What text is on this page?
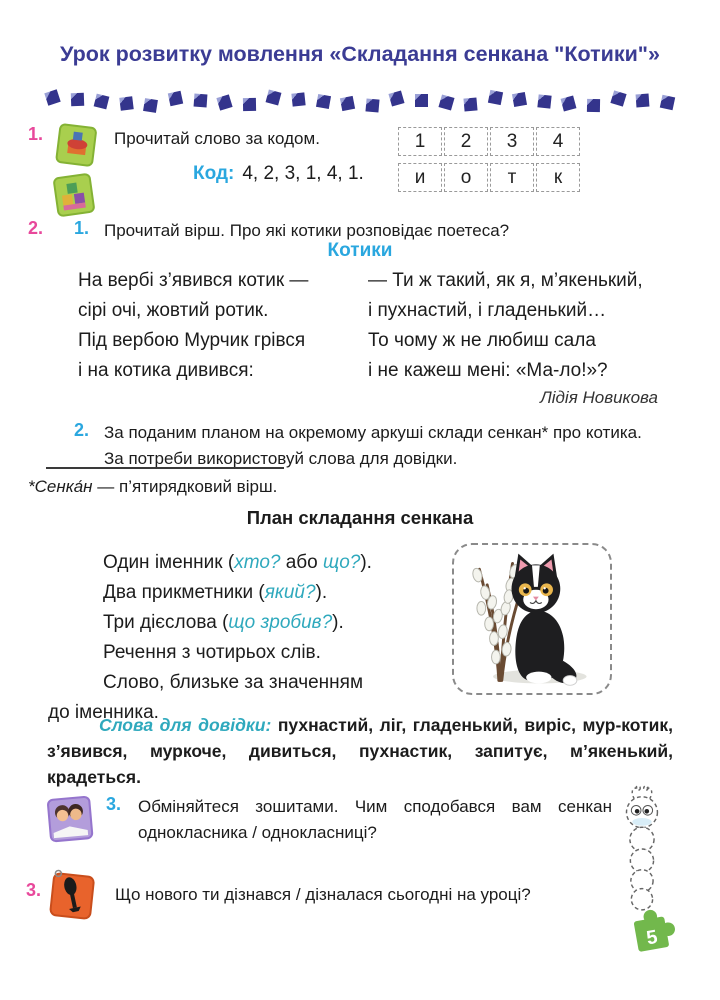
Урок розвитку мовлення «Складання сенкана "Котики"»
1.	Прочитай слово за кодом.
Код: 4, 2, 3, 1, 4, 1.
1	2	3	4
и	о	т	к
2. 1. Прочитай вірш. Про які котики розповідає поетеса?
Котики
На вербі з’явився котик —
сірі очі, жовтий ротик.
Під вербою Мурчик грівся
і на котика дивився:
— Ти ж такий, як я, м’якенький,
і пухнастий, і гладенький…
То чому ж не любиш сала
і не кажеш мені: «Ма-ло!»?
Лідія Новикова
2. За поданим планом на окремому аркуші склади сенкан* про котика.
За потреби використовуй слова для довідки.
*Сенка́н — п’ятирядковий вірш.
План складання сенкана
Один іменник (хто? або що?).
Два прикметники (який?).
Три дієслова (що зробив?).
Речення з чотирьох слів.
Слово, близьке за значенням
до іменника.

Слова для довідки: пухнастий, ліг, гладенький, виріс, мур-котик, з’явився, муркоче, дивиться, пухнастик, запитує, м’якенький, крадеться.

3. Обміняйтеся зошитами. Чим сподобався вам сенкан однокласника / однокласниці?
3.	Що нового ти дізнався / дізналася сьогодні на уроці?
5
